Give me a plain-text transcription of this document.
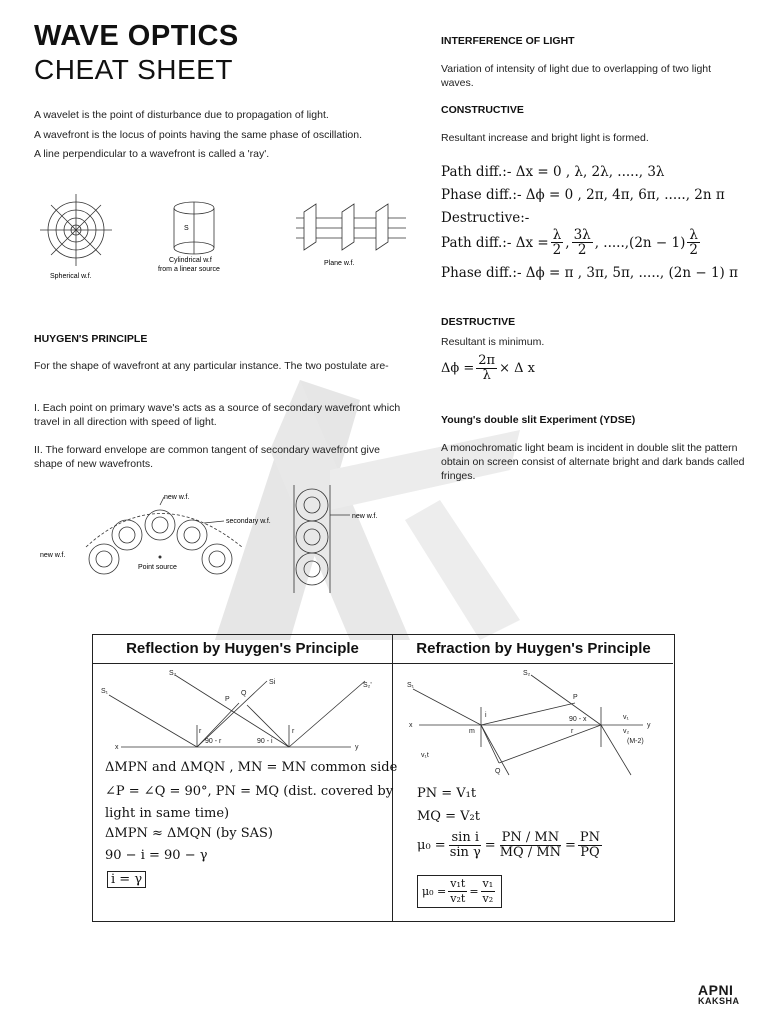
WAVE OPTICS
CHEAT SHEET
A wavelet is the point of disturbance due to propagation of light.
A wavefront is the locus of points having the same phase of oscillation.
A line perpendicular to a wavefront is called a 'ray'.
Spherical w.f.
S
Cylindrical w.f
from a linear source
Plane w.f.
HUYGEN'S PRINCIPLE
For the shape of wavefront at any particular instance. The two postulate are-
I. Each point on primary wave's acts as a source of secondary wavefront which travel in all direction with speed of light.
II. The forward envelope are common tangent of secondary wavefront give shape of new wavefronts.
new w.f.
secondary w.f.
new w.f.
Point source
new w.f.
INTERFERENCE OF LIGHT
Variation of intensity of light due to overlapping of two light waves.
CONSTRUCTIVE
Resultant increase and bright light is formed.
Path diff.:- Δx = 0 , λ, 2λ, ....., 3λ
Phase diff.:- Δϕ = 0 , 2π, 4π, 6π, ....., 2n π
Destructive:-
Path diff.:- $\Delta x = \frac{\lambda}{2}$ , $\frac{3\lambda}{2}$ , $.....,(2n - 1) \frac{\lambda}{2}$
Phase diff.:- Δϕ = π , 3π, 5π, ....., (2n − 1) π
DESTRUCTIVE
Resultant is minimum.
$\Delta\phi = \frac{2\pi}{\lambda} \times \Delta$ x
Young's double slit Experiment (YDSE)
A monochromatic light beam is incident in double slit the pattern obtain on screen consist of alternate bright and dark bands called fringes.
Reflection by Huygen's Principle	Refraction by Huygen's Principle
S₁
S₂
Si	S₂'
P
Q
x	y
90 - r	90 - i
r	r
ΔMPN and ΔMQN , MN = MN common side
∠P = ∠Q = 90°, PN = MQ (dist. covered by
light in same time)
ΔMPN ≈ ΔMQN (by SAS)
90 − i = 90 − γ
i = γ
S₁
S₂
P
Q
x	y
i
r
m
v₁
v₂
v₁t
90 - x
(M-2)
PN = V₁t
MQ = V₂t
$\mu_0 = \frac{\text{sin i}}{\text{sin γ}} = \frac{PN / MN}{MQ / MN} = \frac{PN}{PQ}$
$\mu_0 = \frac{\text{v₁t}}{\text{v₂t}} = \frac{\text{v₁}}{\text{v₂}}$
APNI
KAKSHA
